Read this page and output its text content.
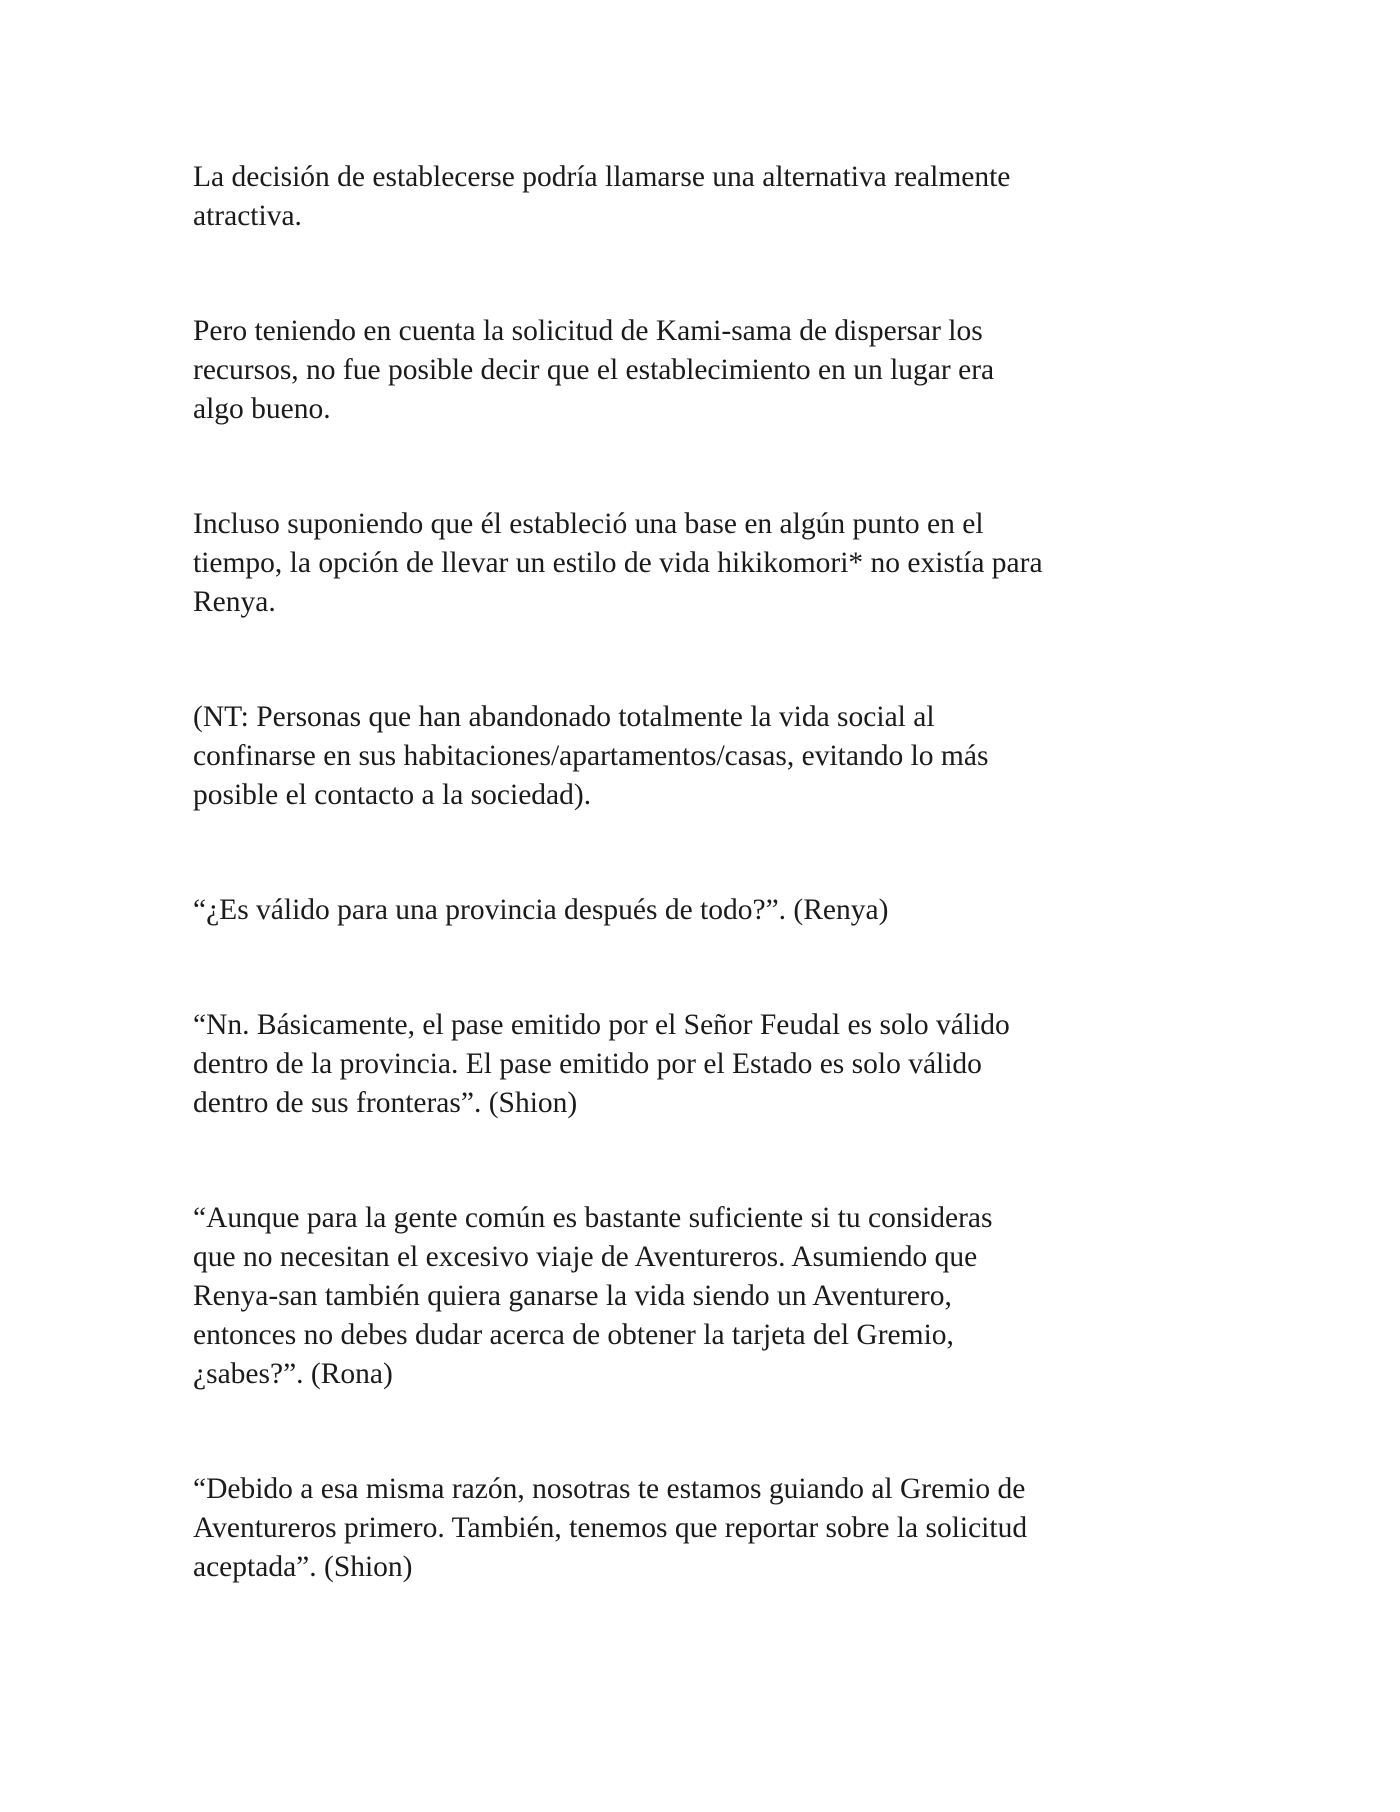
La decisión de establecerse podría llamarse una alternativa realmente
atractiva.

Pero teniendo en cuenta la solicitud de Kami-sama de dispersar los
recursos, no fue posible decir que el establecimiento en un lugar era
algo bueno.

Incluso suponiendo que él estableció una base en algún punto en el
tiempo, la opción de llevar un estilo de vida hikikomori* no existía para
Renya.

(NT: Personas que han abandonado totalmente la vida social al
confinarse en sus habitaciones/apartamentos/casas, evitando lo más
posible el contacto a la sociedad).

“¿Es válido para una provincia después de todo?”. (Renya)

“Nn. Básicamente, el pase emitido por el Señor Feudal es solo válido
dentro de la provincia. El pase emitido por el Estado es solo válido
dentro de sus fronteras”. (Shion)

“Aunque para la gente común es bastante suficiente si tu consideras
que no necesitan el excesivo viaje de Aventureros. Asumiendo que
Renya-san también quiera ganarse la vida siendo un Aventurero,
entonces no debes dudar acerca de obtener la tarjeta del Gremio,
¿sabes?”. (Rona)

“Debido a esa misma razón, nosotras te estamos guiando al Gremio de
Aventureros primero. También, tenemos que reportar sobre la solicitud
aceptada”. (Shion)
